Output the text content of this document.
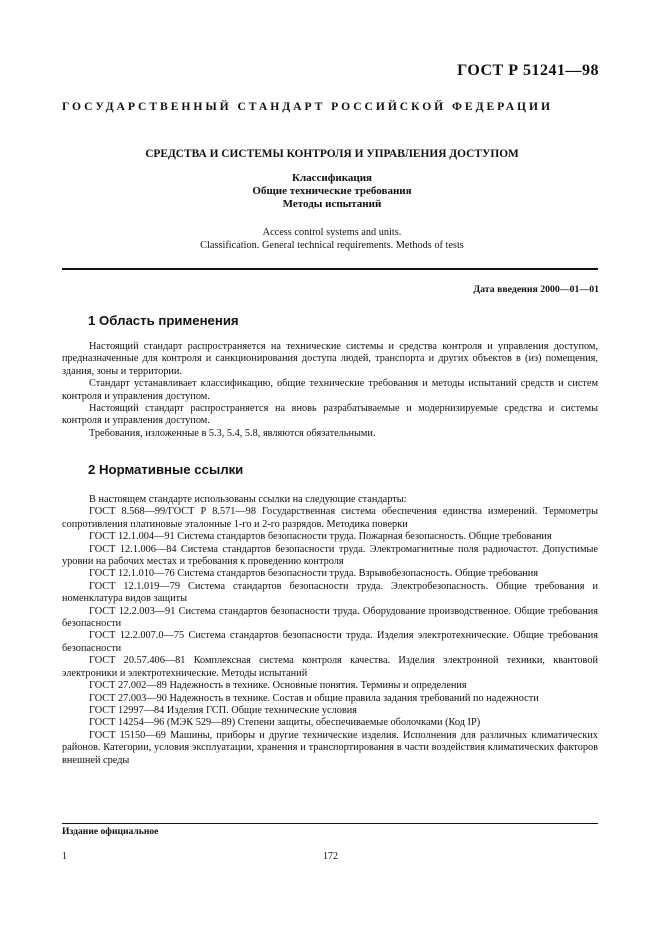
ГОСТ Р 51241—98
ГОСУДАРСТВЕННЫЙ СТАНДАРТ РОССИЙСКОЙ ФЕДЕРАЦИИ
СРЕДСТВА И СИСТЕМЫ КОНТРОЛЯ И УПРАВЛЕНИЯ ДОСТУПОМ
Классификация
Общие технические требования
Методы испытаний
Access control systems and units.
Classification. General technical requirements. Methods of tests
Дата введения 2000—01—01
1 Область применения

Настоящий стандарт распространяется на технические системы и средства контроля и управления доступом, предназначенные для контроля и санкционирования доступа людей, транспорта и других объектов в (из) помещения, здания, зоны и территории.

Стандарт устанавливает классификацию, общие технические требования и методы испытаний средств и систем контроля и управления доступом.

Настоящий стандарт распространяется на вновь разрабатываемые и модернизируемые средства и системы контроля и управления доступом.

Требования, изложенные в 5.3, 5.4, 5.8, являются обязательными.

2 Нормативные ссылки

В настоящем стандарте использованы ссылки на следующие стандарты:

ГОСТ 8.568—99/ГОСТ Р 8.571—98 Государственная система обеспечения единства измерений. Термометры сопротивления платиновые эталонные 1-го и 2-го разрядов. Методика поверки

ГОСТ 12.1.004—91 Система стандартов безопасности труда. Пожарная безопасность. Общие требования

ГОСТ 12.1.006—84 Система стандартов безопасности труда. Электромагнитные поля радиочастот. Допустимые уровни на рабочих местах и требования к проведению контроля

ГОСТ 12.1.010—76 Система стандартов безопасности труда. Взрывобезопасность. Общие требования

ГОСТ 12.1.019—79 Система стандартов безопасности труда. Электробезопасность. Общие требования и номенклатура видов защиты

ГОСТ 12.2.003—91 Система стандартов безопасности труда. Оборудование производственное. Общие требования безопасности

ГОСТ 12.2.007.0—75 Система стандартов безопасности труда. Изделия электротехнические. Общие требования безопасности

ГОСТ 20.57.406—81 Комплексная система контроля качества. Изделия электронной техники, квантовой электроники и электротехнические. Методы испытаний

ГОСТ 27.002—89 Надежность в технике. Основные понятия. Термины и определения

ГОСТ 27.003—90 Надежность в технике. Состав и общие правила задания требований по надежности

ГОСТ 12997—84 Изделия ГСП. Общие технические условия

ГОСТ 14254—96 (МЭК 529—89) Степени защиты, обеспечиваемые оболочками (Код IP)

ГОСТ 15150—69 Машины, приборы и другие технические изделия. Исполнения для различных климатических районов. Категории, условия эксплуатации, хранения и транспортирования в части воздействия климатических факторов внешней среды

Издание официальное
1	172
